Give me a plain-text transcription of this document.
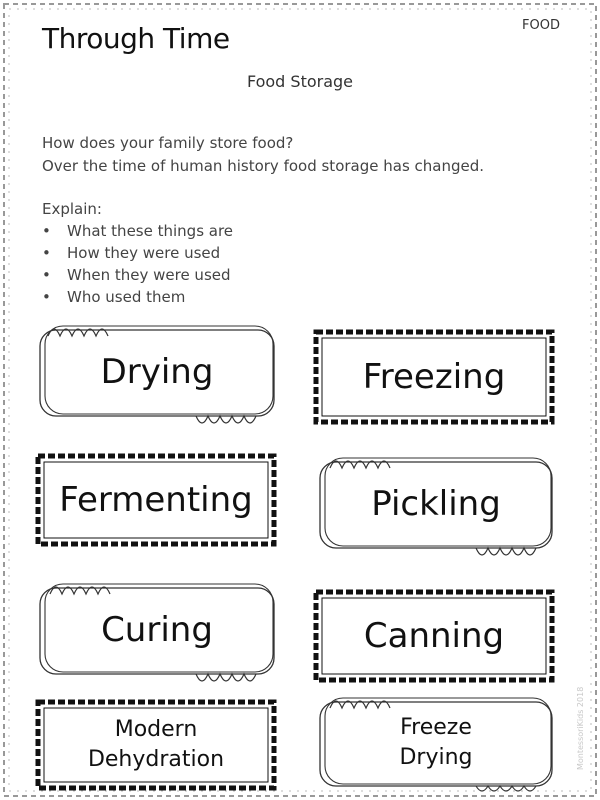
Through Time	FOOD
Food Storage
How does your family store food?
Over the time of human history food storage has changed.
Explain:
• What these things are
• How they were used
• When they were used
• Who used them
Drying	Freezing
Fermenting	Pickling
Curing	Canning
Modern
Dehydration
Freeze
Drying	MontessoriKids 2018
